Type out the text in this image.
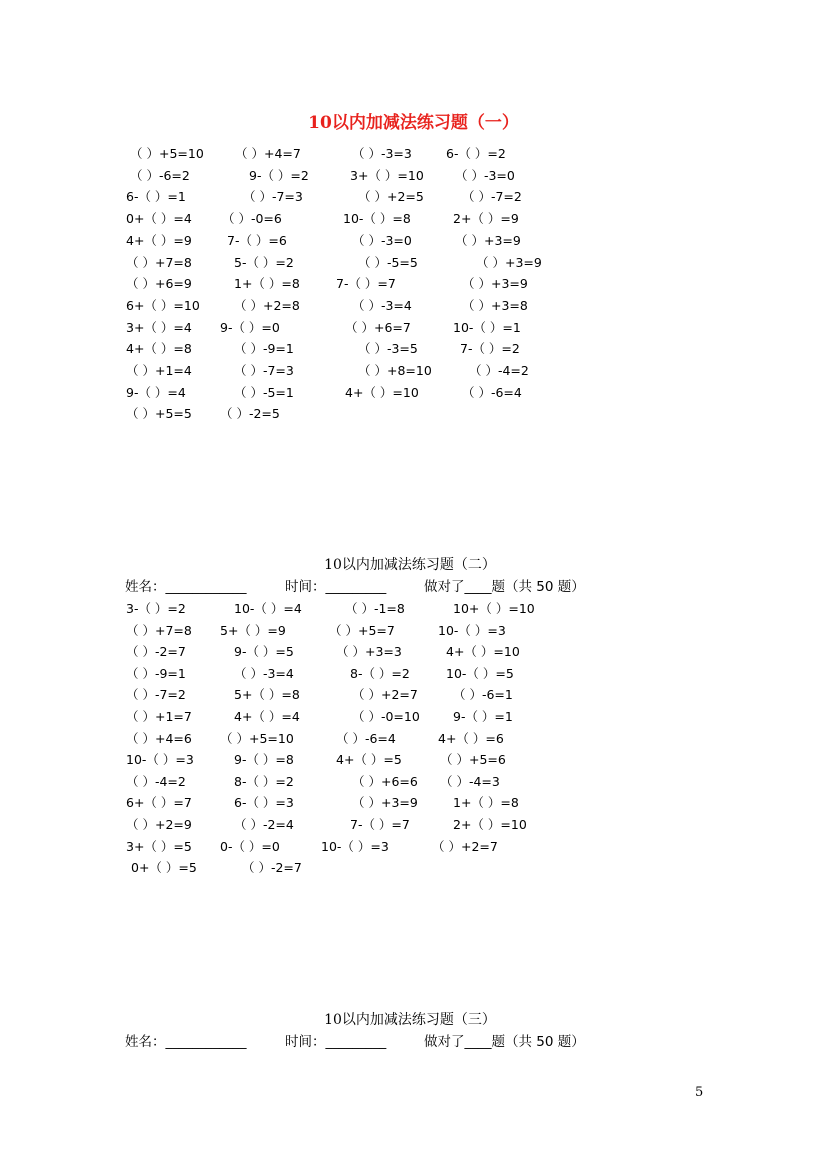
10以内加减法练习题（一）
（ ）+5=10 （ ）+4=7	（ ）-3=3	6-（ ）=2
（ ）-6=2	9-（ ）=2	3+（ ）=10 （ ）-3=0
6-（ ）=1	（ ）-7=3	（ ）+2=5	（ ）-7=2
0+（ ）=4 （ ）-0=6	10-（ ）=8	2+（ ）=9
4+（ ）=9	7-（ ）=6	（ ）-3=0	（ ）+3=9
（ ）+7=8	5-（ ）=2	（ ）-5=5	（ ）+3=9
（ ）+6=9	1+（ ）=8	7-（ ）=7	（ ）+3=9
6+（ ）=10	（ ）+2=8	（ ）-3=4	（ ）+3=8
3+（ ）=4 9-（ ）=0	（ ）+6=7	10-（ ）=1
4+（ ）=8	（ ）-9=1	（ ）-3=5	7-（ ）=2
（ ）+1=4	（ ）-7=3	（ ）+8=10	（ ）-4=2
9-（ ）=4	（ ）-5=1	4+（ ）=10	（ ）-6=4
（ ）+5=5 （ ）-2=5
10以内加减法练习题（二）
姓名：____________	时间：_________	做对了____题（共 50 题）
3-（ ）=2	10-（ ）=4	（ ）-1=8	10+（ ）=10
（ ）+7=8 5+（ ）=9	（ ）+5=7	10-（ ）=3
（ ）-2=7	9-（ ）=5	（ ）+3=3	4+（ ）=10
（ ）-9=1	（ ）-3=4	8-（ ）=2	10-（ ）=5
（ ）-7=2	5+（ ）=8	（ ）+2=7	（ ）-6=1
（ ）+1=7	4+（ ）=4	（ ）-0=10	9-（ ）=1
（ ）+4=6 （ ）+5=10	（ ）-6=4	4+（ ）=6
10-（ ）=3	9-（ ）=8	4+（ ）=5	（ ）+5=6
（ ）-4=2	8-（ ）=2	（ ）+6=6 （ ）-4=3
6+（ ）=7	6-（ ）=3	（ ）+3=9	1+（ ）=8
（ ）+2=9	（ ）-2=4	7-（ ）=7	2+（ ）=10
3+（ ）=5 0-（ ）=0	10-（ ）=3	（ ）+2=7
0+（ ）=5	（ ）-2=7
10以内加减法练习题（三）
姓名：____________	时间：_________	做对了____题（共 50 题）
5
